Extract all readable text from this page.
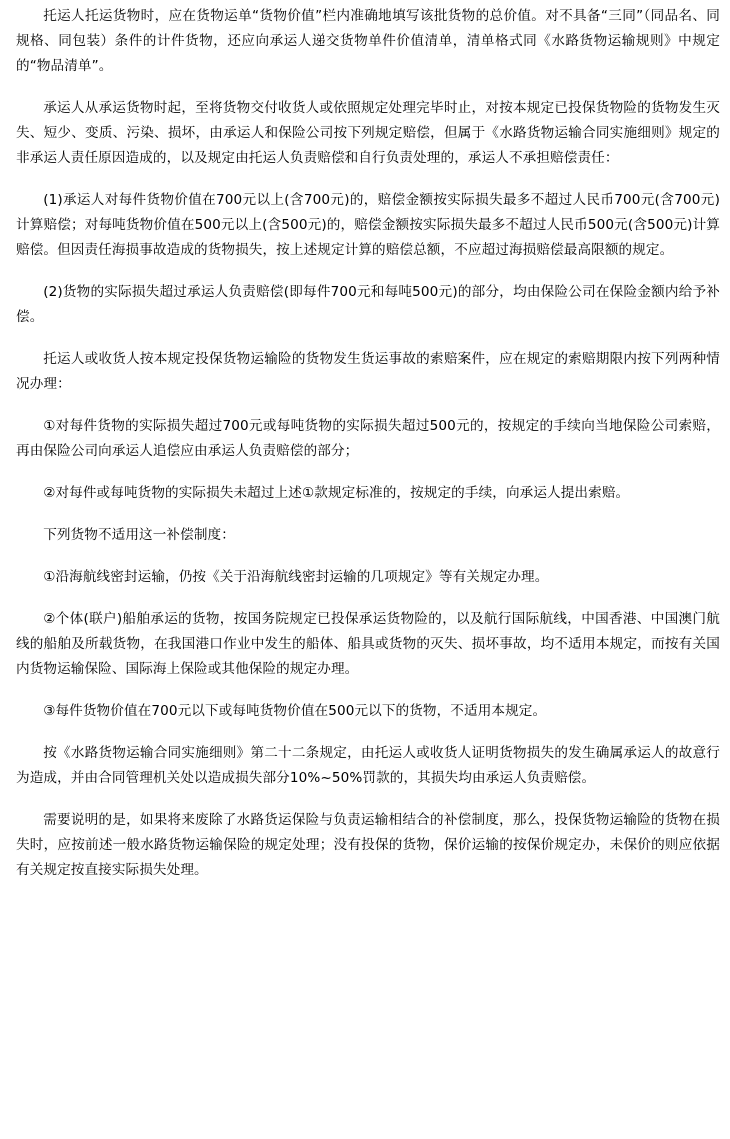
托运人托运货物时，应在货物运单“货物价值”栏内准确地填写该批货物的总价值。对不具备“三同”（同品名、同规格、同包装）条件的计件货物，还应向承运人递交货物单件价值清单，清单格式同《水路货物运输规则》中规定的“物品清单”。

承运人从承运货物时起，至将货物交付收货人或依照规定处理完毕时止，对按本规定已投保货物险的货物发生灭失、短少、变质、污染、损坏，由承运人和保险公司按下列规定赔偿，但属于《水路货物运输合同实施细则》规定的非承运人责任原因造成的，以及规定由托运人负责赔偿和自行负责处理的，承运人不承担赔偿责任：

(1)承运人对每件货物价值在700元以上(含700元)的，赔偿金额按实际损失最多不超过人民币700元(含700元)计算赔偿；对每吨货物价值在500元以上(含500元)的，赔偿金额按实际损失最多不超过人民币500元(含500元)计算赔偿。但因责任海损事故造成的货物损失，按上述规定计算的赔偿总额，不应超过海损赔偿最高限额的规定。

(2)货物的实际损失超过承运人负责赔偿(即每件700元和每吨500元)的部分，均由保险公司在保险金额内给予补偿。

托运人或收货人按本规定投保货物运输险的货物发生货运事故的索赔案件，应在规定的索赔期限内按下列两种情况办理：

①对每件货物的实际损失超过700元或每吨货物的实际损失超过500元的，按规定的手续向当地保险公司索赔，再由保险公司向承运人追偿应由承运人负责赔偿的部分；

②对每件或每吨货物的实际损失未超过上述①款规定标准的，按规定的手续，向承运人提出索赔。

下列货物不适用这一补偿制度：

①沿海航线密封运输，仍按《关于沿海航线密封运输的几项规定》等有关规定办理。

②个体(联户)船舶承运的货物，按国务院规定已投保承运货物险的，以及航行国际航线，中国香港、中国澳门航线的船舶及所载货物，在我国港口作业中发生的船体、船具或货物的灭失、损坏事故，均不适用本规定，而按有关国内货物运输保险、国际海上保险或其他保险的规定办理。

③每件货物价值在700元以下或每吨货物价值在500元以下的货物，不适用本规定。

按《水路货物运输合同实施细则》第二十二条规定，由托运人或收货人证明货物损失的发生确属承运人的故意行为造成，并由合同管理机关处以造成损失部分10%~50%罚款的，其损失均由承运人负责赔偿。

需要说明的是，如果将来废除了水路货运保险与负责运输相结合的补偿制度，那么，投保货物运输险的货物在损失时，应按前述一般水路货物运输保险的规定处理；没有投保的货物，保价运输的按保价规定办，未保价的则应依据有关规定按直接实际损失处理。
